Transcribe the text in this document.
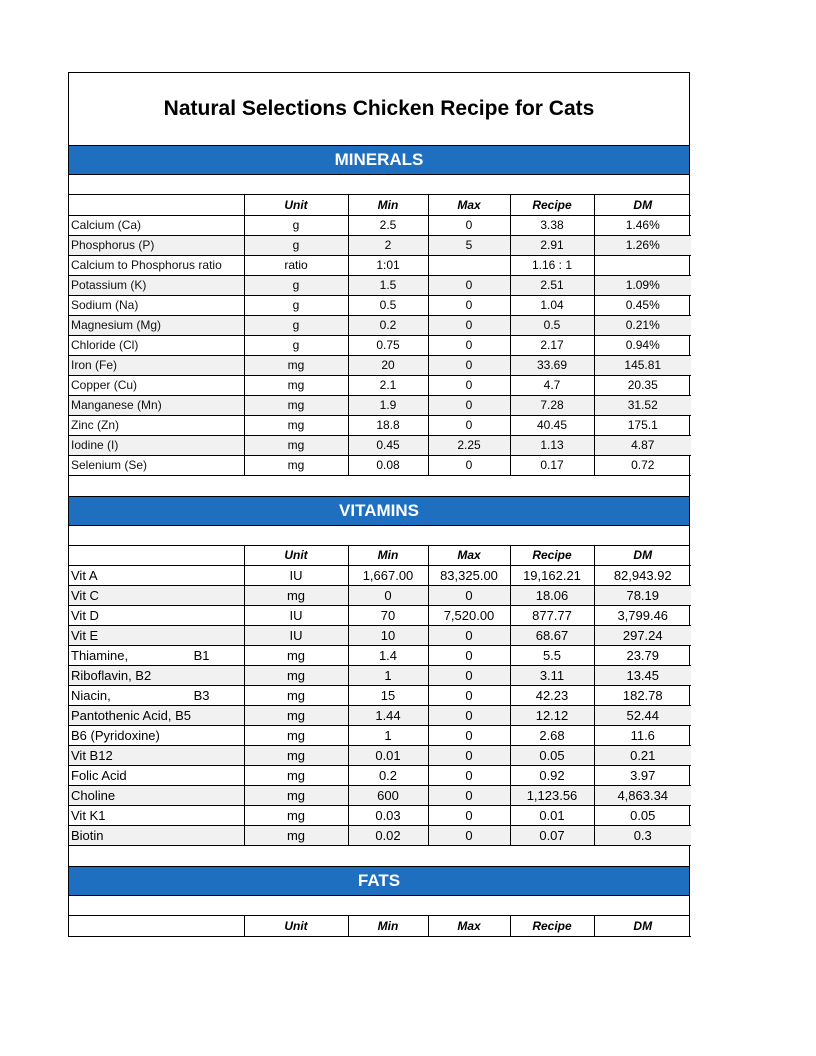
Natural Selections Chicken Recipe for Cats
MINERALS
	Unit	Min	Max	Recipe	DM
Calcium (Ca)	g	2.5	0	3.38	1.46%
Phosphorus (P)	g	2	5	2.91	1.26%
Calcium to Phosphorus ratio	ratio	1:01		1.16 : 1	
Potassium (K)	g	1.5	0	2.51	1.09%
Sodium (Na)	g	0.5	0	1.04	0.45%
Magnesium (Mg)	g	0.2	0	0.5	0.21%
Chloride (Cl)	g	0.75	0	2.17	0.94%
Iron (Fe)	mg	20	0	33.69	145.81
Copper (Cu)	mg	2.1	0	4.7	20.35
Manganese (Mn)	mg	1.9	0	7.28	31.52
Zinc (Zn)	mg	18.8	0	40.45	175.1
Iodine (I)	mg	0.45	2.25	1.13	4.87
Selenium (Se)	mg	0.08	0	0.17	0.72
VITAMINS
	Unit	Min	Max	Recipe	DM
Vit A	IU	1,667.00	83,325.00	19,162.21	82,943.92
Vit C	mg	0	0	18.06	78.19
Vit D	IU	70	7,520.00	877.77	3,799.46
Vit E	IU	10	0	68.67	297.24

Thiamine, B1	mg	1.4	0	5.5	23.79
Riboflavin, B2	mg	1	0	3.11	13.45

Niacin, B3	mg	15	0	42.23	182.78
Pantothenic Acid, B5	mg	1.44	0	12.12	52.44
B6 (Pyridoxine)	mg	1	0	2.68	11.6
Vit B12	mg	0.01	0	0.05	0.21
Folic Acid	mg	0.2	0	0.92	3.97
Choline	mg	600	0	1,123.56	4,863.34
Vit K1	mg	0.03	0	0.01	0.05
Biotin	mg	0.02	0	0.07	0.3
FATS
	Unit	Min	Max	Recipe	DM
